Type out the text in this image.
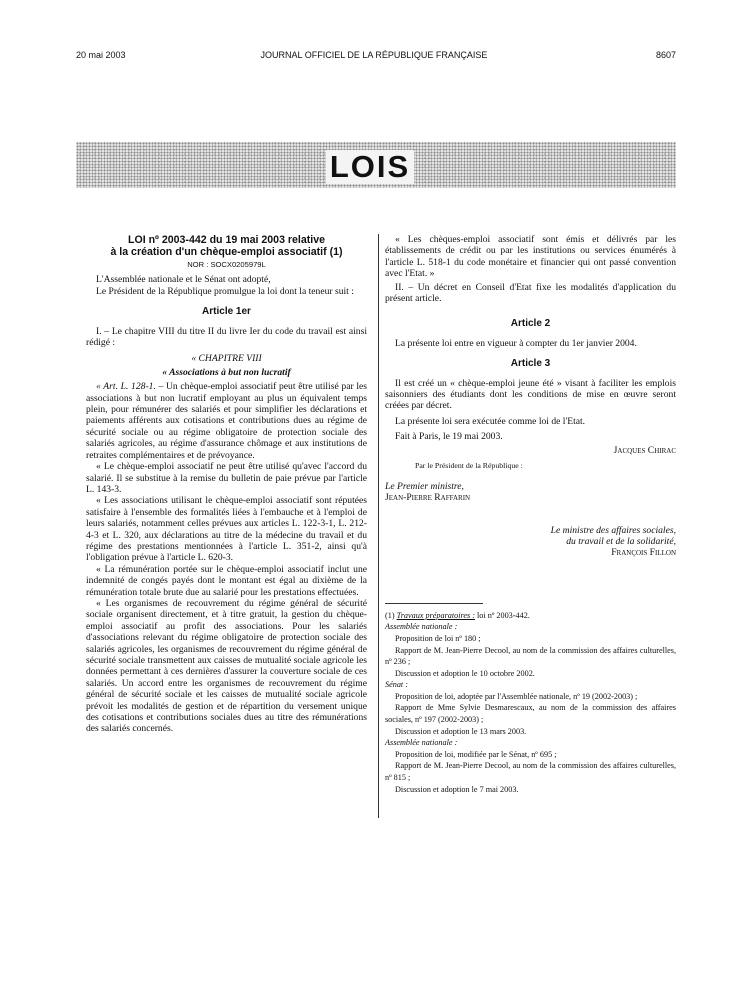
20 mai 2003	JOURNAL OFFICIEL DE LA RÉPUBLIQUE FRANÇAISE	8607
LOIS
LOI nº 2003-442 du 19 mai 2003 relative
à la création d'un chèque-emploi associatif (1)
NOR : SOCX0205979L

L'Assemblée nationale et le Sénat ont adopté,

Le Président de la République promulgue la loi dont la teneur suit :

Article 1er

I. – Le chapitre VIII du titre II du livre Ier du code du travail est ainsi rédigé :

« CHAPITRE VIII
« Associations à but non lucratif

« Art. L. 128-1. – Un chèque-emploi associatif peut être utilisé par les associations à but non lucratif employant au plus un équivalent temps plein, pour rémunérer des salariés et pour simplifier les déclarations et paiements afférents aux cotisations et contributions dues au régime de sécurité sociale ou au régime obligatoire de protection sociale des salariés agricoles, au régime d'assurance chômage et aux institutions de retraites complémentaires et de prévoyance.

« Le chèque-emploi associatif ne peut être utilisé qu'avec l'accord du salarié. Il se substitue à la remise du bulletin de paie prévue par l'article L. 143-3.

« Les associations utilisant le chèque-emploi associatif sont réputées satisfaire à l'ensemble des formalités liées à l'embauche et à l'emploi de leurs salariés, notamment celles prévues aux articles L. 122-3-1, L. 212-4-3 et L. 320, aux déclarations au titre de la médecine du travail et du régime des prestations mentionnées à l'article L. 351-2, ainsi qu'à l'obligation prévue à l'article L. 620-3.

« La rémunération portée sur le chèque-emploi associatif inclut une indemnité de congés payés dont le montant est égal au dixième de la rémunération totale brute due au salarié pour les prestations effectuées.

« Les organismes de recouvrement du régime général de sécurité sociale organisent directement, et à titre gratuit, la gestion du chèque-emploi associatif au profit des associations. Pour les salariés d'associations relevant du régime obligatoire de protection sociale des salariés agricoles, les organismes de recouvrement du régime général de sécurité sociale transmettent aux caisses de mutualité sociale agricole les données permettant à ces dernières d'assurer la couverture sociale de ces salariés. Un accord entre les organismes de recouvrement du régime général de sécurité sociale et les caisses de mutualité sociale agricole prévoit les modalités de gestion et de répartition du versement unique des cotisations et contributions sociales dues au titre des rémunérations des salariés concernés.

« Les chèques-emploi associatif sont émis et délivrés par les établissements de crédit ou par les institutions ou services énumérés à l'article L. 518-1 du code monétaire et financier qui ont passé convention avec l'Etat. »

II. – Un décret en Conseil d'Etat fixe les modalités d'application du présent article.

Article 2

La présente loi entre en vigueur à compter du 1er janvier 2004.

Article 3

Il est créé un « chèque-emploi jeune été » visant à faciliter les emplois saisonniers des étudiants dont les conditions de mise en œuvre seront créées par décret.

La présente loi sera exécutée comme loi de l'Etat.

Fait à Paris, le 19 mai 2003.

Jacques Chirac
Par le Président de la République :
Le Premier ministre,
Jean-Pierre Raffarin
Le ministre des affaires sociales,
du travail et de la solidarité,
François Fillon

(1) Travaux préparatoires : loi nº 2003-442.

Assemblée nationale :

Proposition de loi nº 180 ;

Rapport de M. Jean-Pierre Decool, au nom de la commission des affaires culturelles, nº 236 ;

Discussion et adoption le 10 octobre 2002.

Sénat :

Proposition de loi, adoptée par l'Assemblée nationale, nº 19 (2002-2003) ;

Rapport de Mme Sylvie Desmarescaux, au nom de la commission des affaires sociales, nº 197 (2002-2003) ;

Discussion et adoption le 13 mars 2003.

Assemblée nationale :

Proposition de loi, modifiée par le Sénat, nº 695 ;

Rapport de M. Jean-Pierre Decool, au nom de la commission des affaires culturelles, nº 815 ;

Discussion et adoption le 7 mai 2003.
